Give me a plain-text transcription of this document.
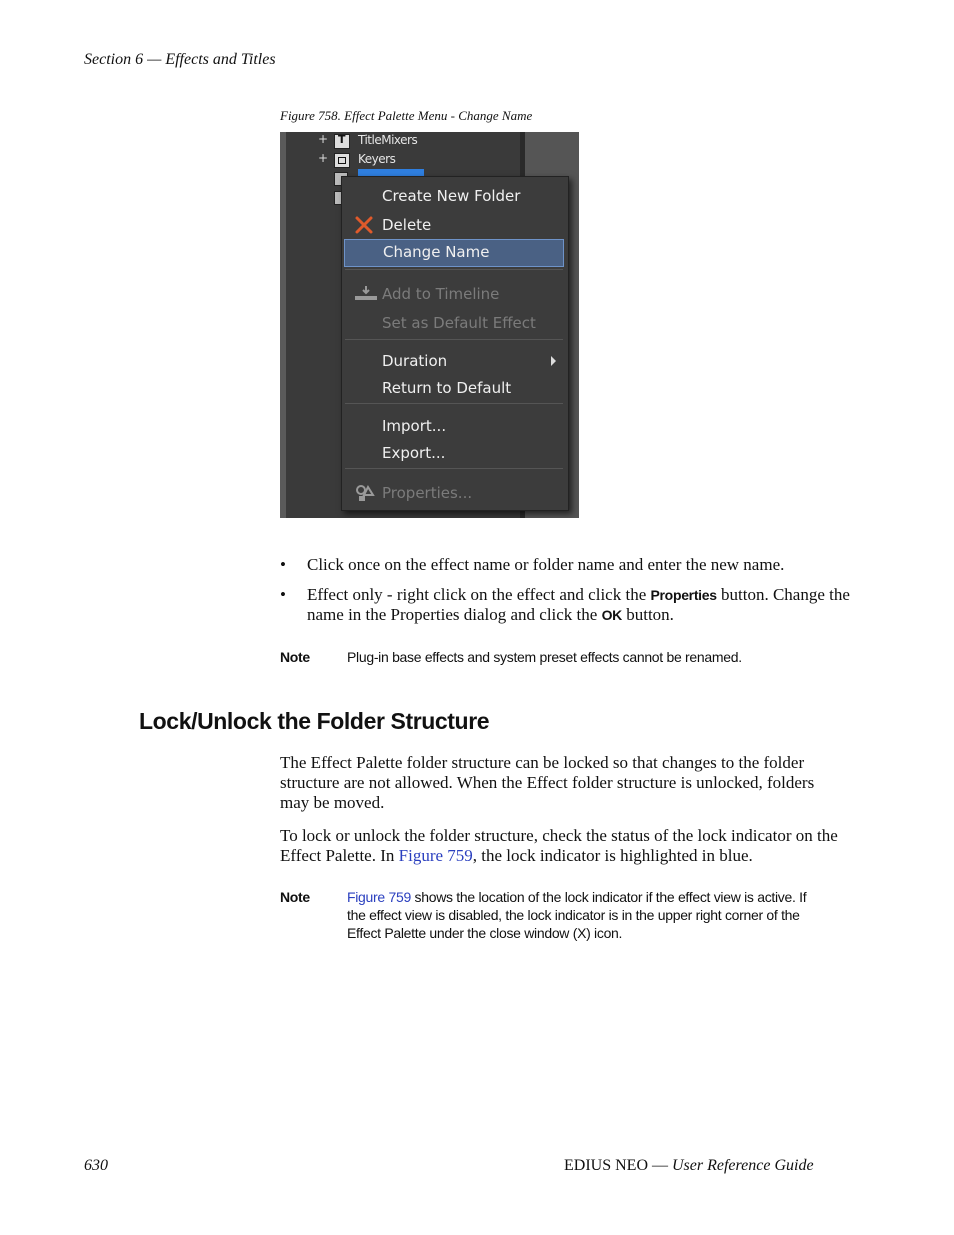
Section 6 — Effects and Titles
Figure 758. Effect Palette Menu - Change Name
+
T	TitleMixers
+	Keyers
Create New Folder
Delete
Change Name
Add to Timeline
Set as Default Effect
Duration
Return to Default
Import...
Export...
Properties...
• Click once on the effect name or folder name and enter the new name.
• Effect only - right click on the effect and click the Properties button. Change the name in the Properties dialog and click the OK button.
Note	Plug-in base effects and system preset effects cannot be renamed.
Lock/Unlock the Folder Structure
The Effect Palette folder structure can be locked so that changes to the folder structure are not allowed. When the Effect folder structure is unlocked, folders may be moved.
To lock or unlock the folder structure, check the status of the lock indicator on the Effect Palette. In Figure 759, the lock indicator is highlighted in blue.
Note	Figure 759 shows the location of the lock indicator if the effect view is active. If the effect view is disabled, the lock indicator is in the upper right corner of the Effect Palette under the close window (X) icon.
630	EDIUS NEO — User Reference Guide
